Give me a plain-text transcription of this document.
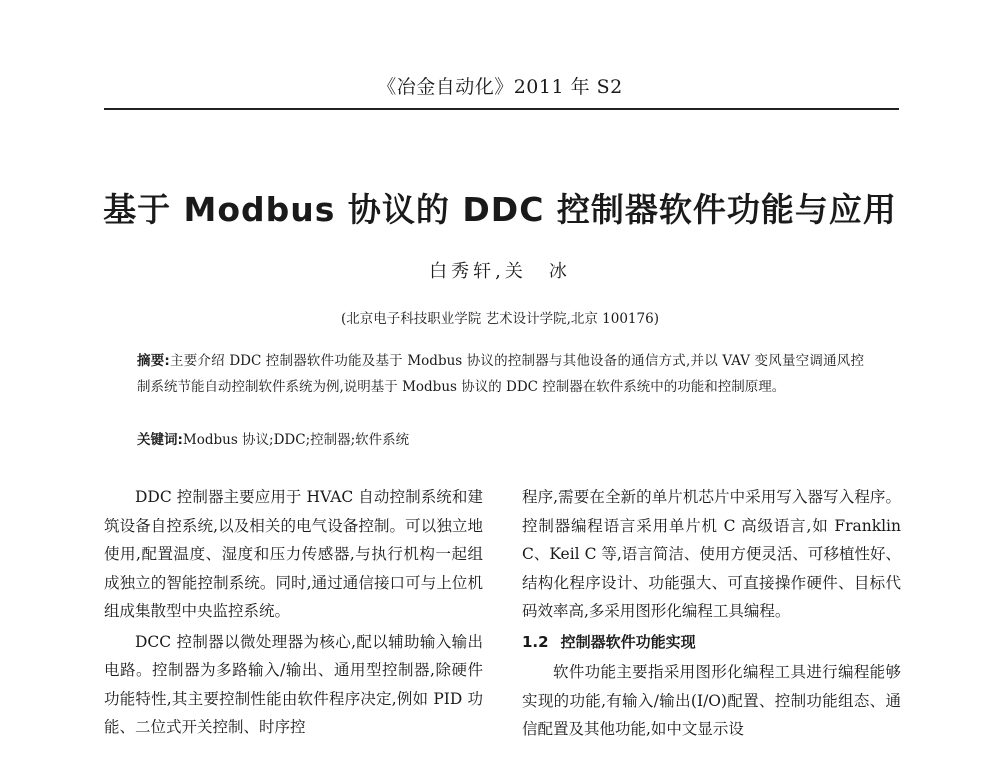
《冶金自动化》2011 年 S2
基于 Modbus 协议的 DDC 控制器软件功能与应用
白秀轩,关　冰
(北京电子科技职业学院 艺术设计学院,北京 100176)
摘要:主要介绍 DDC 控制器软件功能及基于 Modbus 协议的控制器与其他设备的通信方式,并以 VAV 变风量空调通风控制系统节能自动控制软件系统为例,说明基于 Modbus 协议的 DDC 控制器在软件系统中的功能和控制原理。
关键词:Modbus 协议;DDC;控制器;软件系统

DDC 控制器主要应用于 HVAC 自动控制系统和建筑设备自控系统,以及相关的电气设备控制。可以独立地使用,配置温度、湿度和压力传感器,与执行机构一起组成独立的智能控制系统。同时,通过通信接口可与上位机组成集散型中央监控系统。

DCC 控制器以微处理器为核心,配以辅助输入输出电路。控制器为多路输入/输出、通用型控制器,除硬件功能特性,其主要控制性能由软件程序决定,例如 PID 功能、二位式开关控制、时序控

程序,需要在全新的单片机芯片中采用写入器写入程序。控制器编程语言采用单片机 C 高级语言,如 Franklin C、Keil C 等,语言简洁、使用方便灵活、可移植性好、结构化程序设计、功能强大、可直接操作硬件、目标代码效率高,多采用图形化编程工具编程。

1.2 控制器软件功能实现

软件功能主要指采用图形化编程工具进行编程能够实现的功能,有输入/输出(I/O)配置、控制功能组态、通信配置及其他功能,如中文显示设
